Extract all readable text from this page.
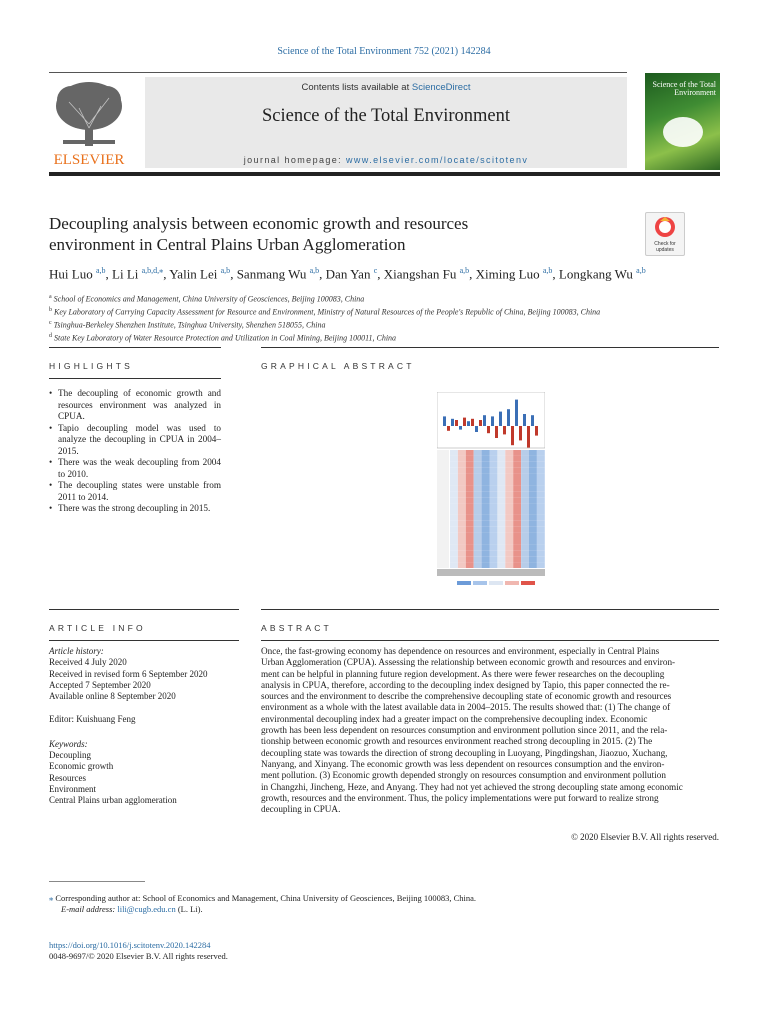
Science of the Total Environment 752 (2021) 142284
ELSEVIER
Contents lists available at ScienceDirect
Science of the Total Environment
journal homepage: www.elsevier.com/locate/scitotenv
Science of the Total Environment
Decoupling analysis between economic growth and resources
environment in Central Plains Urban Agglomeration	Check for updates
Hui Luo $^{a,b}$, Li Li $^{a,b,d,⁎}$, Yalin Lei $^{a,b}$, Sanmang Wu $^{a,b}$, Dan Yan $^c$, Xiangshan Fu $^{a,b}$, Ximing Luo $^{a,b}$, Longkang Wu $^{a,b}$
$^a$ School of Economics and Management, China University of Geosciences, Beijing 100083, China
$^b$ Key Laboratory of Carrying Capacity Assessment for Resource and Environment, Ministry of Natural Resources of the People's Republic of China, Beijing 100083, China
$^c$ Tsinghua-Berkeley Shenzhen Institute, Tsinghua University, Shenzhen 518055, China
$^d$ State Key Laboratory of Water Resource Protection and Utilization in Coal Mining, Beijing 100011, China
HIGHLIGHTS
• The decoupling of economic growth and resources environment was analyzed in CPUA.
• Tapio decoupling model was used to analyze the decoupling in CPUA in 2004–2015.
• There was the weak decoupling from 2004 to 2010.
• The decoupling states were unstable from 2011 to 2014.
• There was the strong decoupling in 2015.
GRAPHICAL ABSTRACT
ARTICLE INFO
Article history:
Received 4 July 2020
Received in revised form 6 September 2020
Accepted 7 September 2020
Available online 8 September 2020
Editor: Kuishuang Feng
Keywords:
Decoupling
Economic growth
Resources
Environment
Central Plains urban agglomeration
ABSTRACT
Once, the fast-growing economy has dependence on resources and environment, especially in Central Plains
Urban Agglomeration (CPUA). Assessing the relationship between economic growth and resources and environ-
ment can be helpful in planning future region development. As there were fewer researches on the decoupling
analysis in CPUA, therefore, according to the decoupling index designed by Tapio, this paper connected the re-
sources and the environment to describe the comprehensive decoupling state of economic growth and resources
environment as a whole with the latest available data in 2004–2015. The results showed that: (1) The change of
environmental decoupling index had a greater impact on the comprehensive decoupling index. Economic
growth has been less dependent on resources consumption and environment pollution since 2011, and the rela-
tionship between economic growth and resources environment reached strong decoupling in 2015. (2) The
decoupling state was towards the direction of strong decoupling in Luoyang, Pingdingshan, Jiaozuo, Xuchang,
Nanyang, and Xinyang. The economic growth was less dependent on resources consumption and the environ-
ment pollution. (3) Economic growth depended strongly on resources consumption and environment pollution
in Changzhi, Jincheng, Heze, and Anyang. They had not yet achieved the strong decoupling state among economic
growth, resources and the environment. Thus, the policy implementations were put forward to realize strong
decoupling in CPUA.
© 2020 Elsevier B.V. All rights reserved.
⁎ Corresponding author at: School of Economics and Management, China University of Geosciences, Beijing 100083, China.
E-mail address: lili@cugb.edu.cn (L. Li).
https://doi.org/10.1016/j.scitotenv.2020.142284
0048-9697/© 2020 Elsevier B.V. All rights reserved.
